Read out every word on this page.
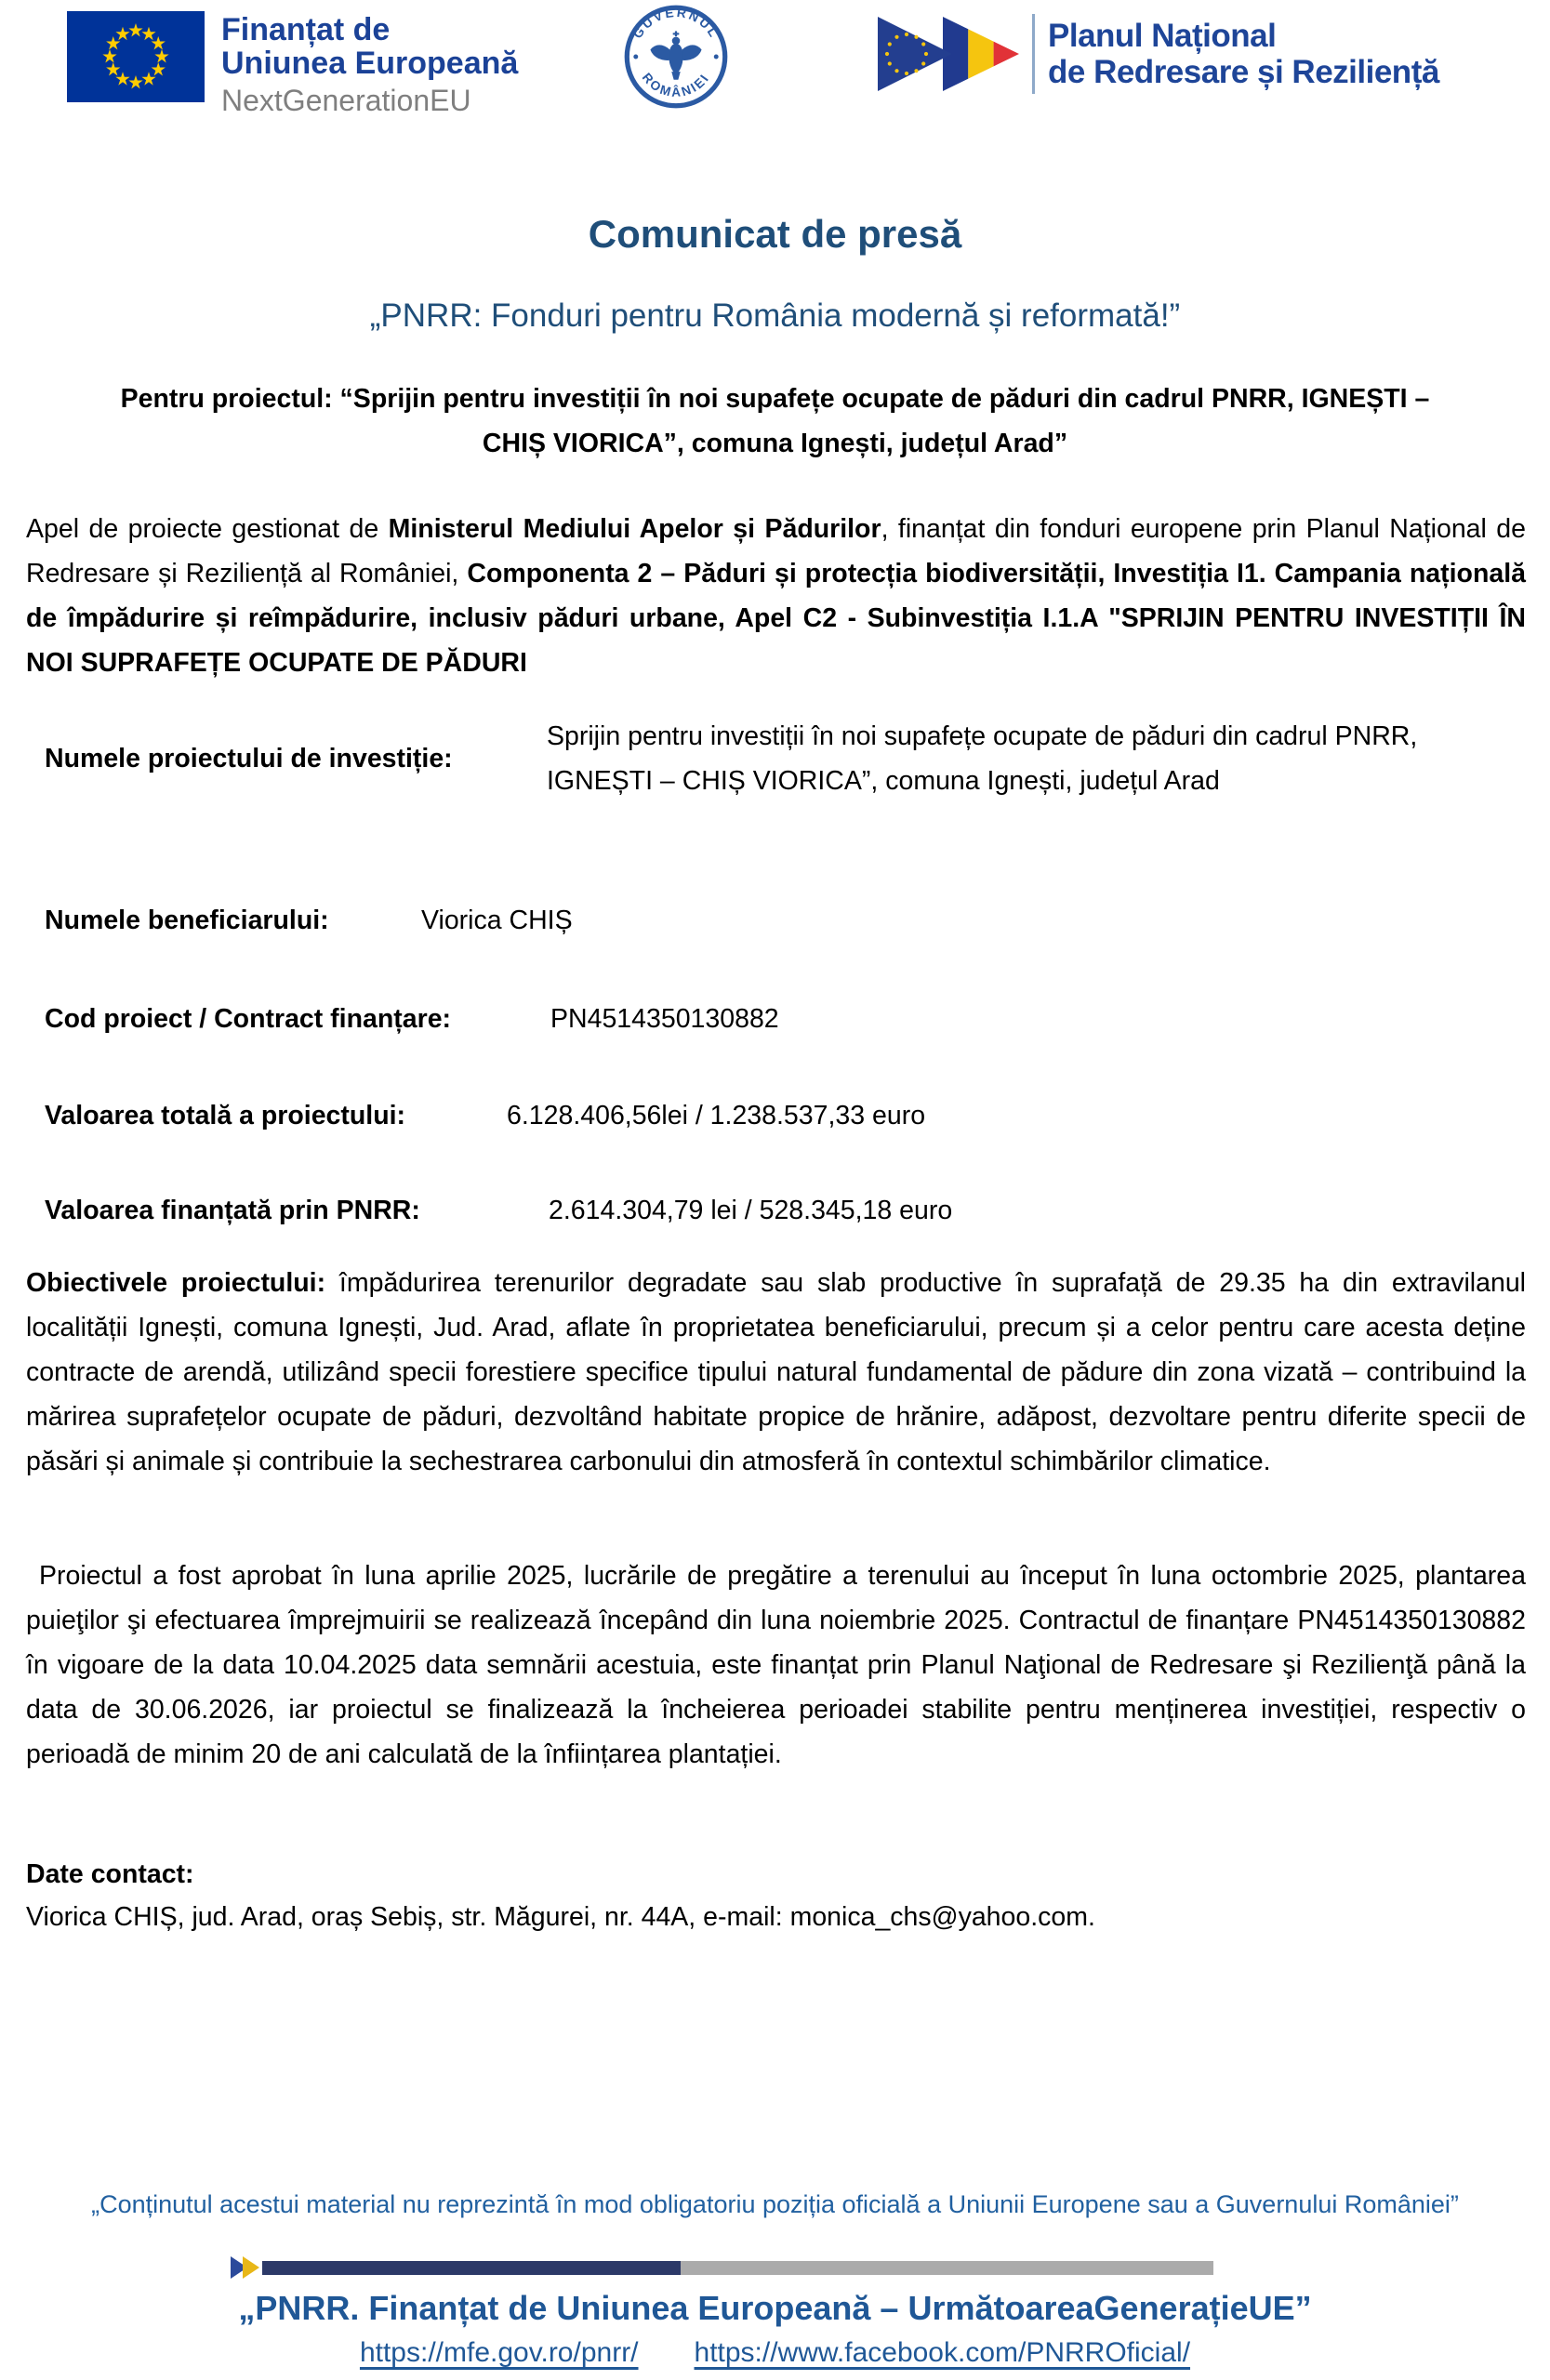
Finanțat de
Uniunea Europeană
NextGenerationEU
GUVERNUL
ROMÂNIEI
Planul Național
de Redresare și Reziliență
Comunicat de presă
„PNRR: Fonduri pentru România modernă și reformată!”
Pentru proiectul: “Sprijin pentru investiții în noi supafețe ocupate de păduri din cadrul PNRR, IGNEȘTI – CHIȘ VIORICA”, comuna Ignești, județul Arad”
Apel de proiecte gestionat de Ministerul Mediului Apelor și Pădurilor, finanțat din fonduri europene prin Planul Național de Redresare și Reziliență al României, Componenta 2 – Păduri și protecția biodiversității, Investiția I1. Campania națională de împădurire și reîmpădurire, inclusiv păduri urbane, Apel C2 - Subinvestiția I.1.A "SPRIJIN PENTRU INVESTIȚII ÎN NOI SUPRAFEȚE OCUPATE DE PĂDURI
Numele proiectului de investiție:
Sprijin pentru investiții în noi supafețe ocupate de păduri din cadrul PNRR, IGNEȘTI – CHIȘ VIORICA”, comuna Ignești, județul Arad
Numele beneficiarului:	Viorica CHIȘ
Cod proiect / Contract finanțare:	PN4514350130882
Valoarea totală a proiectului:	6.128.406,56lei / 1.238.537,33 euro
Valoarea finanțată prin PNRR:	2.614.304,79 lei / 528.345,18 euro
Obiectivele proiectului: împădurirea terenurilor degradate sau slab productive în suprafață de 29.35 ha din extravilanul localității Ignești, comuna Ignești, Jud. Arad, aflate în proprietatea beneficiarului, precum și a celor pentru care acesta deține contracte de arendă, utilizând specii forestiere specifice tipului natural fundamental de pădure din zona vizată – contribuind la mărirea suprafețelor ocupate de păduri, dezvoltând habitate propice de hrănire, adăpost, dezvoltare pentru diferite specii de păsări și animale și contribuie la sechestrarea carbonului din atmosferă în contextul schimbărilor climatice.
Proiectul a fost aprobat în luna aprilie 2025, lucrările de pregătire a terenului au început în luna octombrie 2025, plantarea puieţilor şi efectuarea împrejmuirii se realizează începând din luna noiembrie 2025. Contractul de finanțare PN4514350130882 în vigoare de la data 10.04.2025 data semnării acestuia, este finanțat prin Planul Naţional de Redresare şi Rezilienţă până la data de 30.06.2026, iar proiectul se finalizează la încheierea perioadei stabilite pentru menținerea investiției, respectiv o perioadă de minim 20 de ani calculată de la înființarea plantației.
Date contact:
Viorica CHIȘ, jud. Arad, oraș Sebiș, str. Măgurei, nr. 44A, e-mail: monica_chs@yahoo.com.
„Conținutul acestui material nu reprezintă în mod obligatoriu poziția oficială a Uniunii Europene sau a Guvernului României”
„PNRR. Finanțat de Uniunea Europeană – UrmătoareaGenerațieUE”
https://mfe.gov.ro/pnrr/ https://www.facebook.com/PNRROficial/
